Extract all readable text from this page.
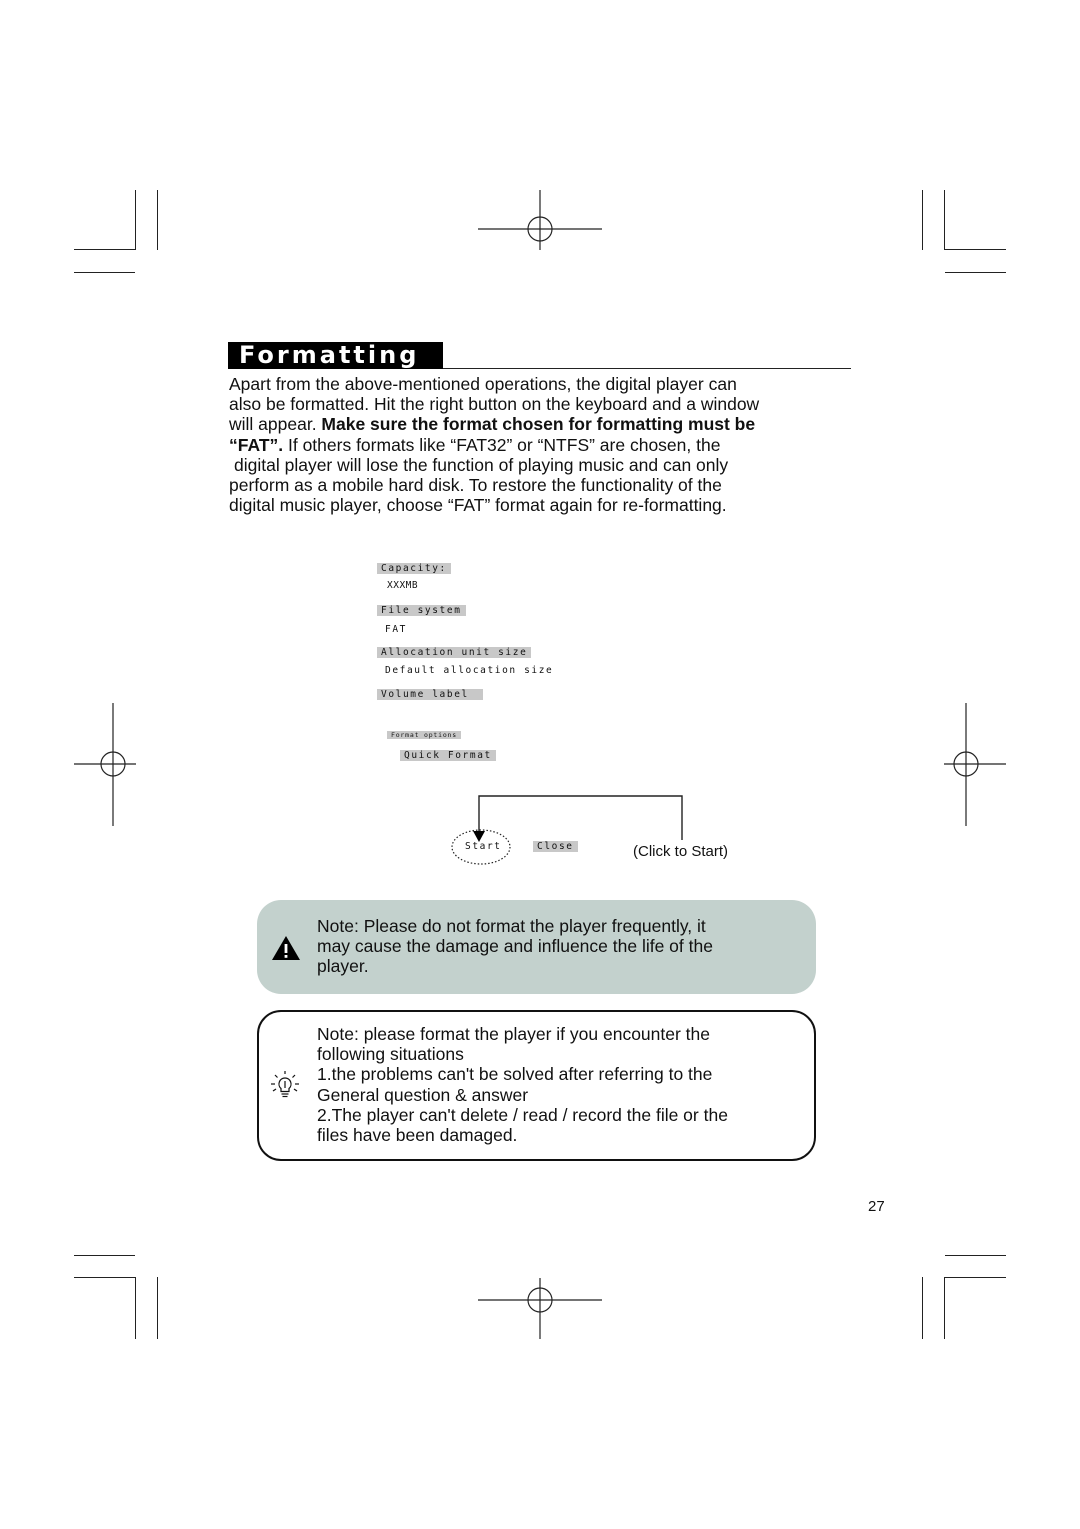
Formatting

Apart from the above-mentioned operations, the digital player can

also be formatted. Hit the right button on the keyboard and a window

will appear. Make sure the format chosen for formatting must be

“FAT”. If others formats like “FAT32” or “NTFS” are chosen, the

digital player will lose the function of playing music and can only

perform as a mobile hard disk. To restore the functionality of the

digital music player, choose “FAT” format again for re-formatting.

Capacity:
XXXMB
File system
FAT
Allocation unit size
Default allocation size
Volume label
Format options
Quick Format
Start	Close	(Click to Start)

Note: Please do not format the player frequently, it

may cause the damage and influence the life of the

player.

Note: please format the player if you encounter the

following situations

1.the problems can't be solved after referring to the

General question & answer

2.The player can't delete / read / record the file or the

files have been damaged.

27
